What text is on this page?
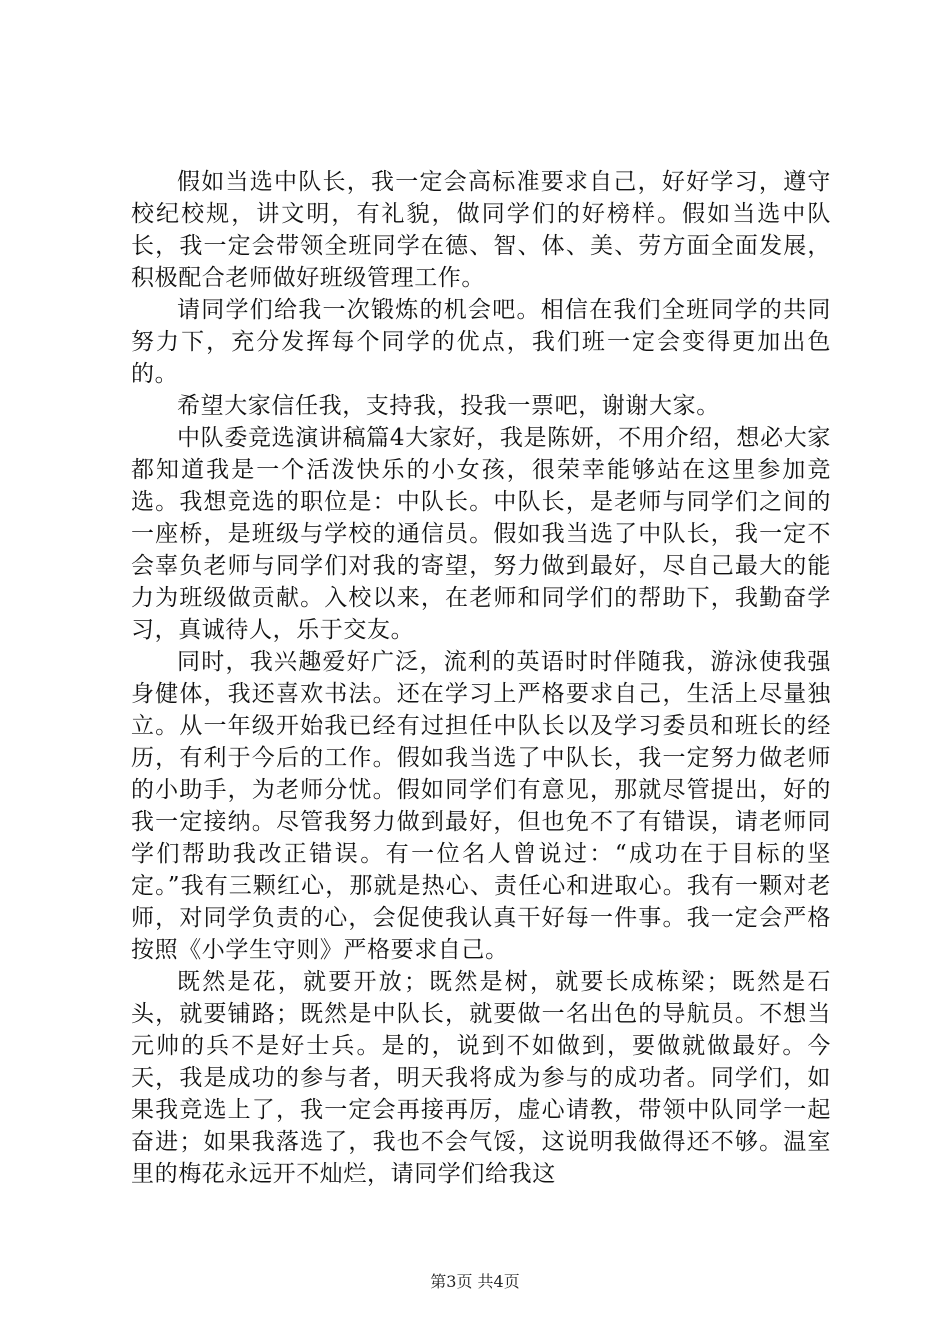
假如当选中队长，我一定会高标准要求自己，好好学习，遵守校纪校规，讲文明，有礼貌，做同学们的好榜样。假如当选中队长，我一定会带领全班同学在德、智、体、美、劳方面全面发展，积极配合老师做好班级管理工作。

请同学们给我一次锻炼的机会吧。相信在我们全班同学的共同努力下，充分发挥每个同学的优点，我们班一定会变得更加出色的。

希望大家信任我，支持我，投我一票吧，谢谢大家。

中队委竞选演讲稿篇4大家好，我是陈妍，不用介绍，想必大家都知道我是一个活泼快乐的小女孩，很荣幸能够站在这里参加竞选。我想竞选的职位是：中队长。中队长，是老师与同学们之间的一座桥，是班级与学校的通信员。假如我当选了中队长，我一定不会辜负老师与同学们对我的寄望，努力做到最好，尽自己最大的能力为班级做贡献。入校以来，在老师和同学们的帮助下，我勤奋学习，真诚待人，乐于交友。

同时，我兴趣爱好广泛，流利的英语时时伴随我，游泳使我强身健体，我还喜欢书法。还在学习上严格要求自己，生活上尽量独立。从一年级开始我已经有过担任中队长以及学习委员和班长的经历，有利于今后的工作。假如我当选了中队长，我一定努力做老师的小助手，为老师分忧。假如同学们有意见，那就尽管提出，好的我一定接纳。尽管我努力做到最好，但也免不了有错误，请老师同学们帮助我改正错误。有一位名人曾说过：“成功在于目标的坚定。”我有三颗红心，那就是热心、责任心和进取心。我有一颗对老师，对同学负责的心，会促使我认真干好每一件事。我一定会严格按照《小学生守则》严格要求自己。

既然是花，就要开放；既然是树，就要长成栋梁；既然是石头，就要铺路；既然是中队长，就要做一名出色的导航员。不想当元帅的兵不是好士兵。是的，说到不如做到，要做就做最好。今天，我是成功的参与者，明天我将成为参与的成功者。同学们，如果我竞选上了，我一定会再接再厉，虚心请教，带领中队同学一起奋进；如果我落选了，我也不会气馁，这说明我做得还不够。温室里的梅花永远开不灿烂，请同学们给我这

第3页 共4页
